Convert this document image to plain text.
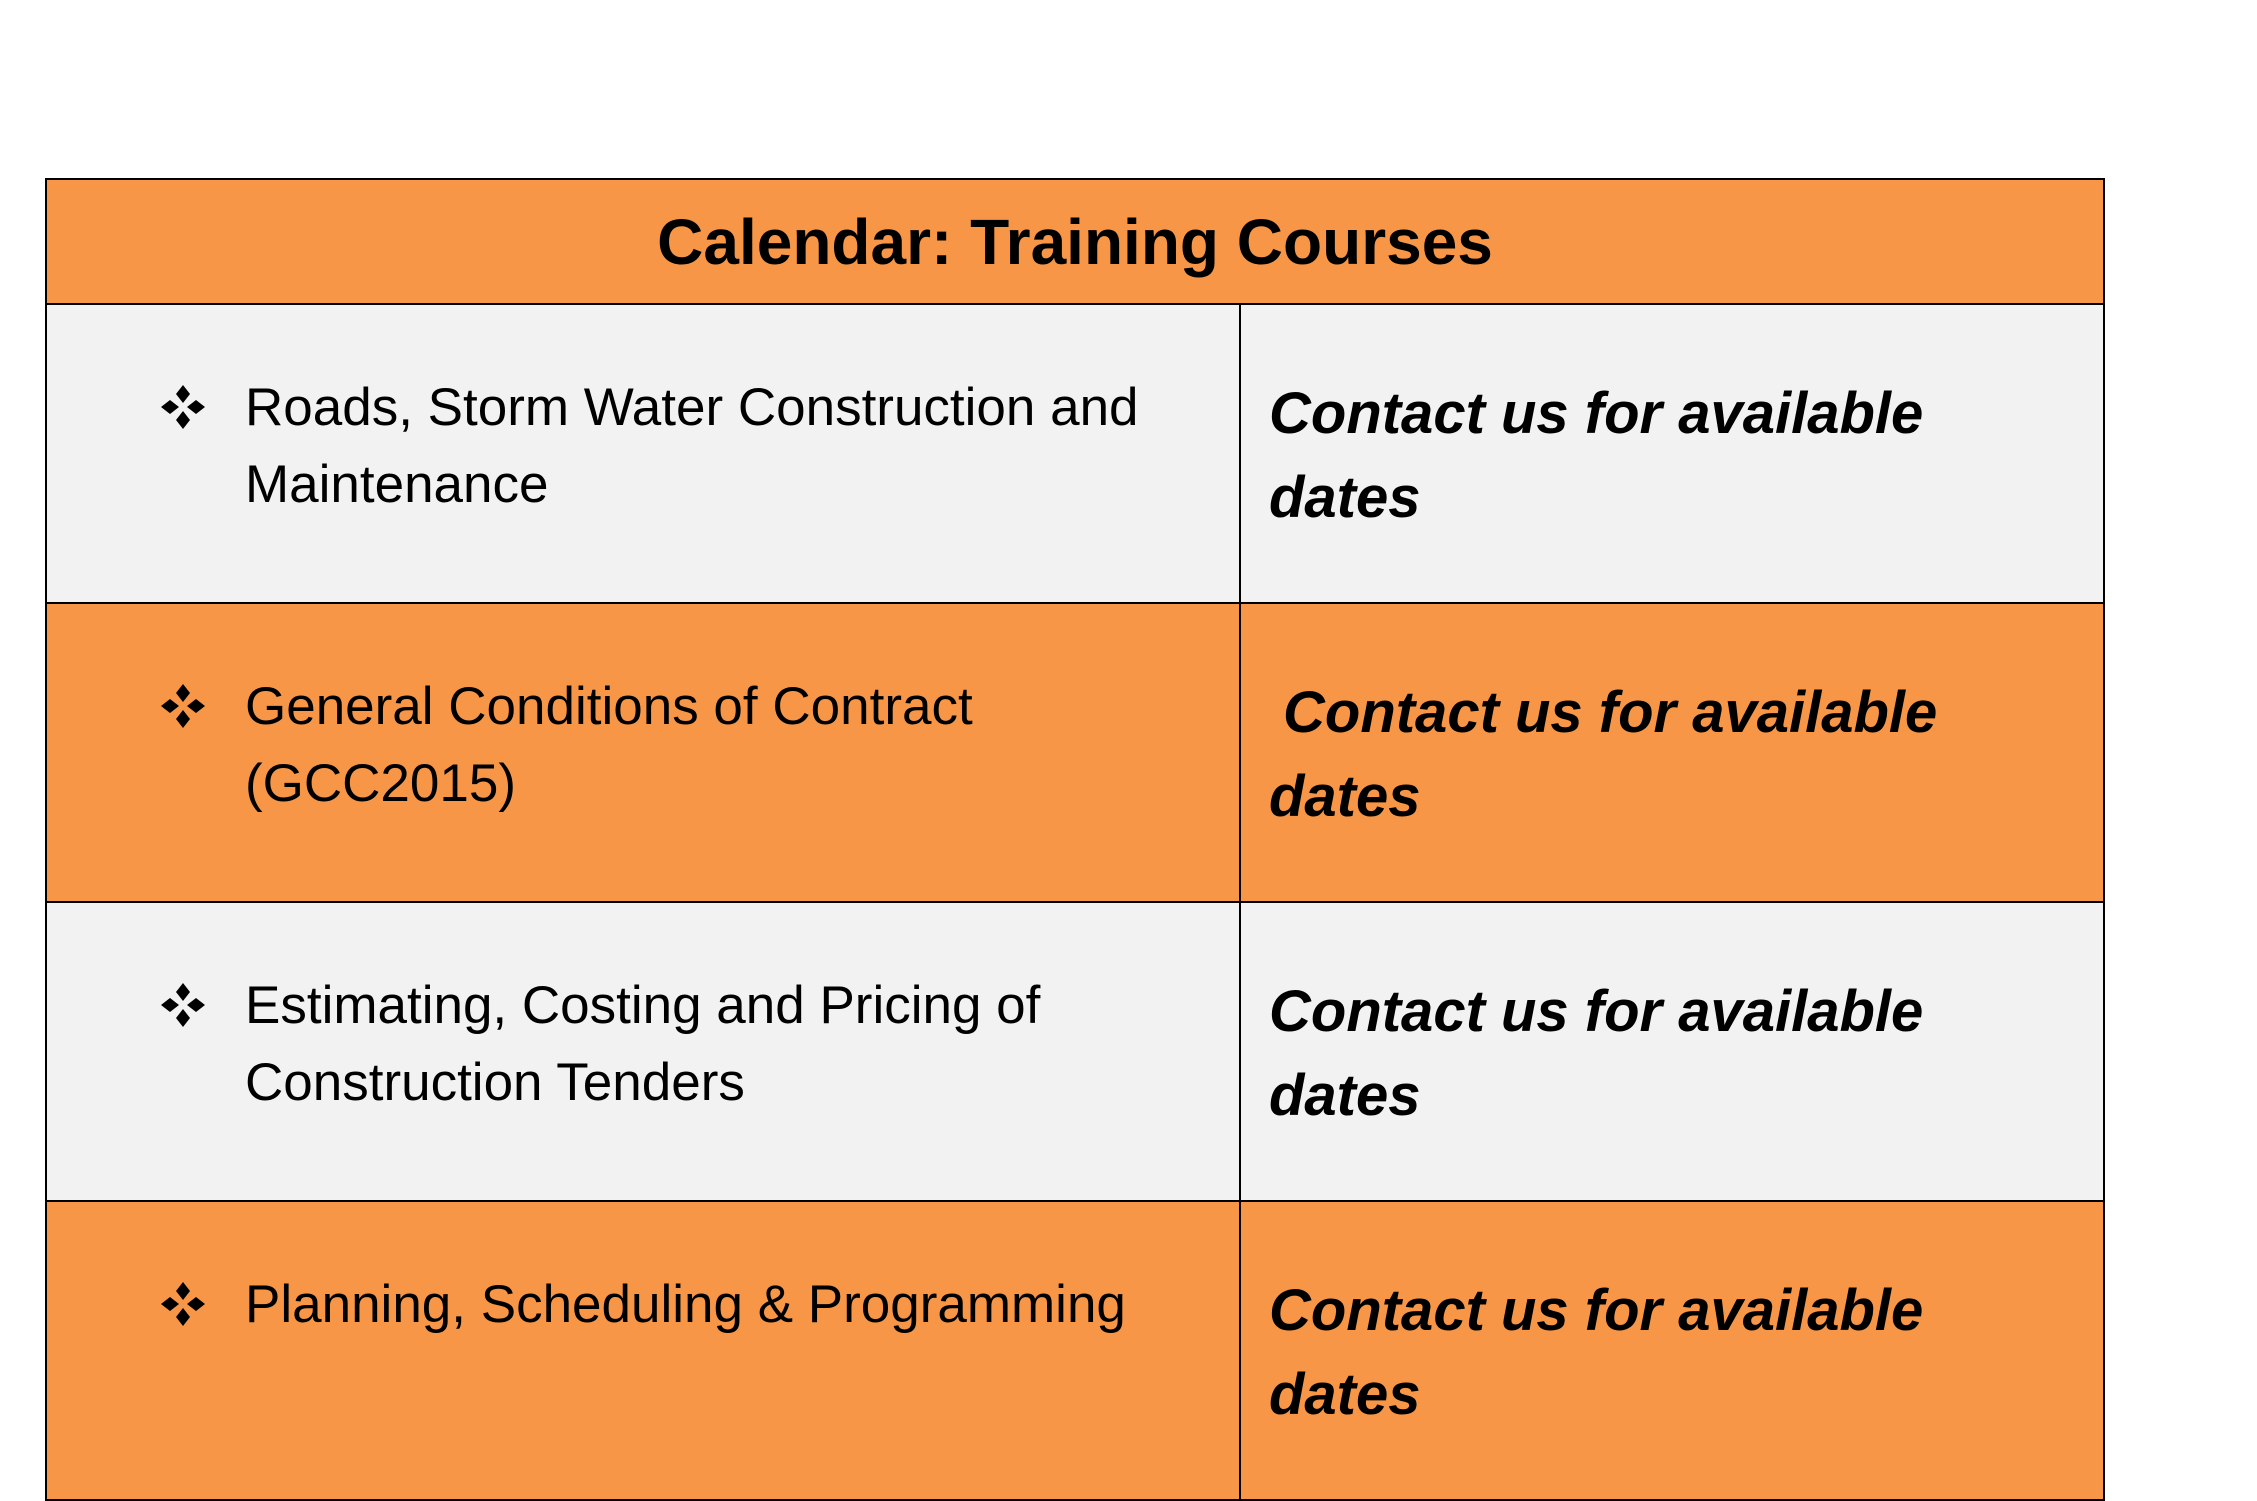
Calendar: Training Courses	

Roads, Storm Water Construction and Maintenance	Contact us for available dates

General Conditions of Contract (GCC2015)	Contact us for available dates

Estimating, Costing and Pricing of Construction Tenders	Contact us for available dates

Planning, Scheduling & Programming	Contact us for available dates
